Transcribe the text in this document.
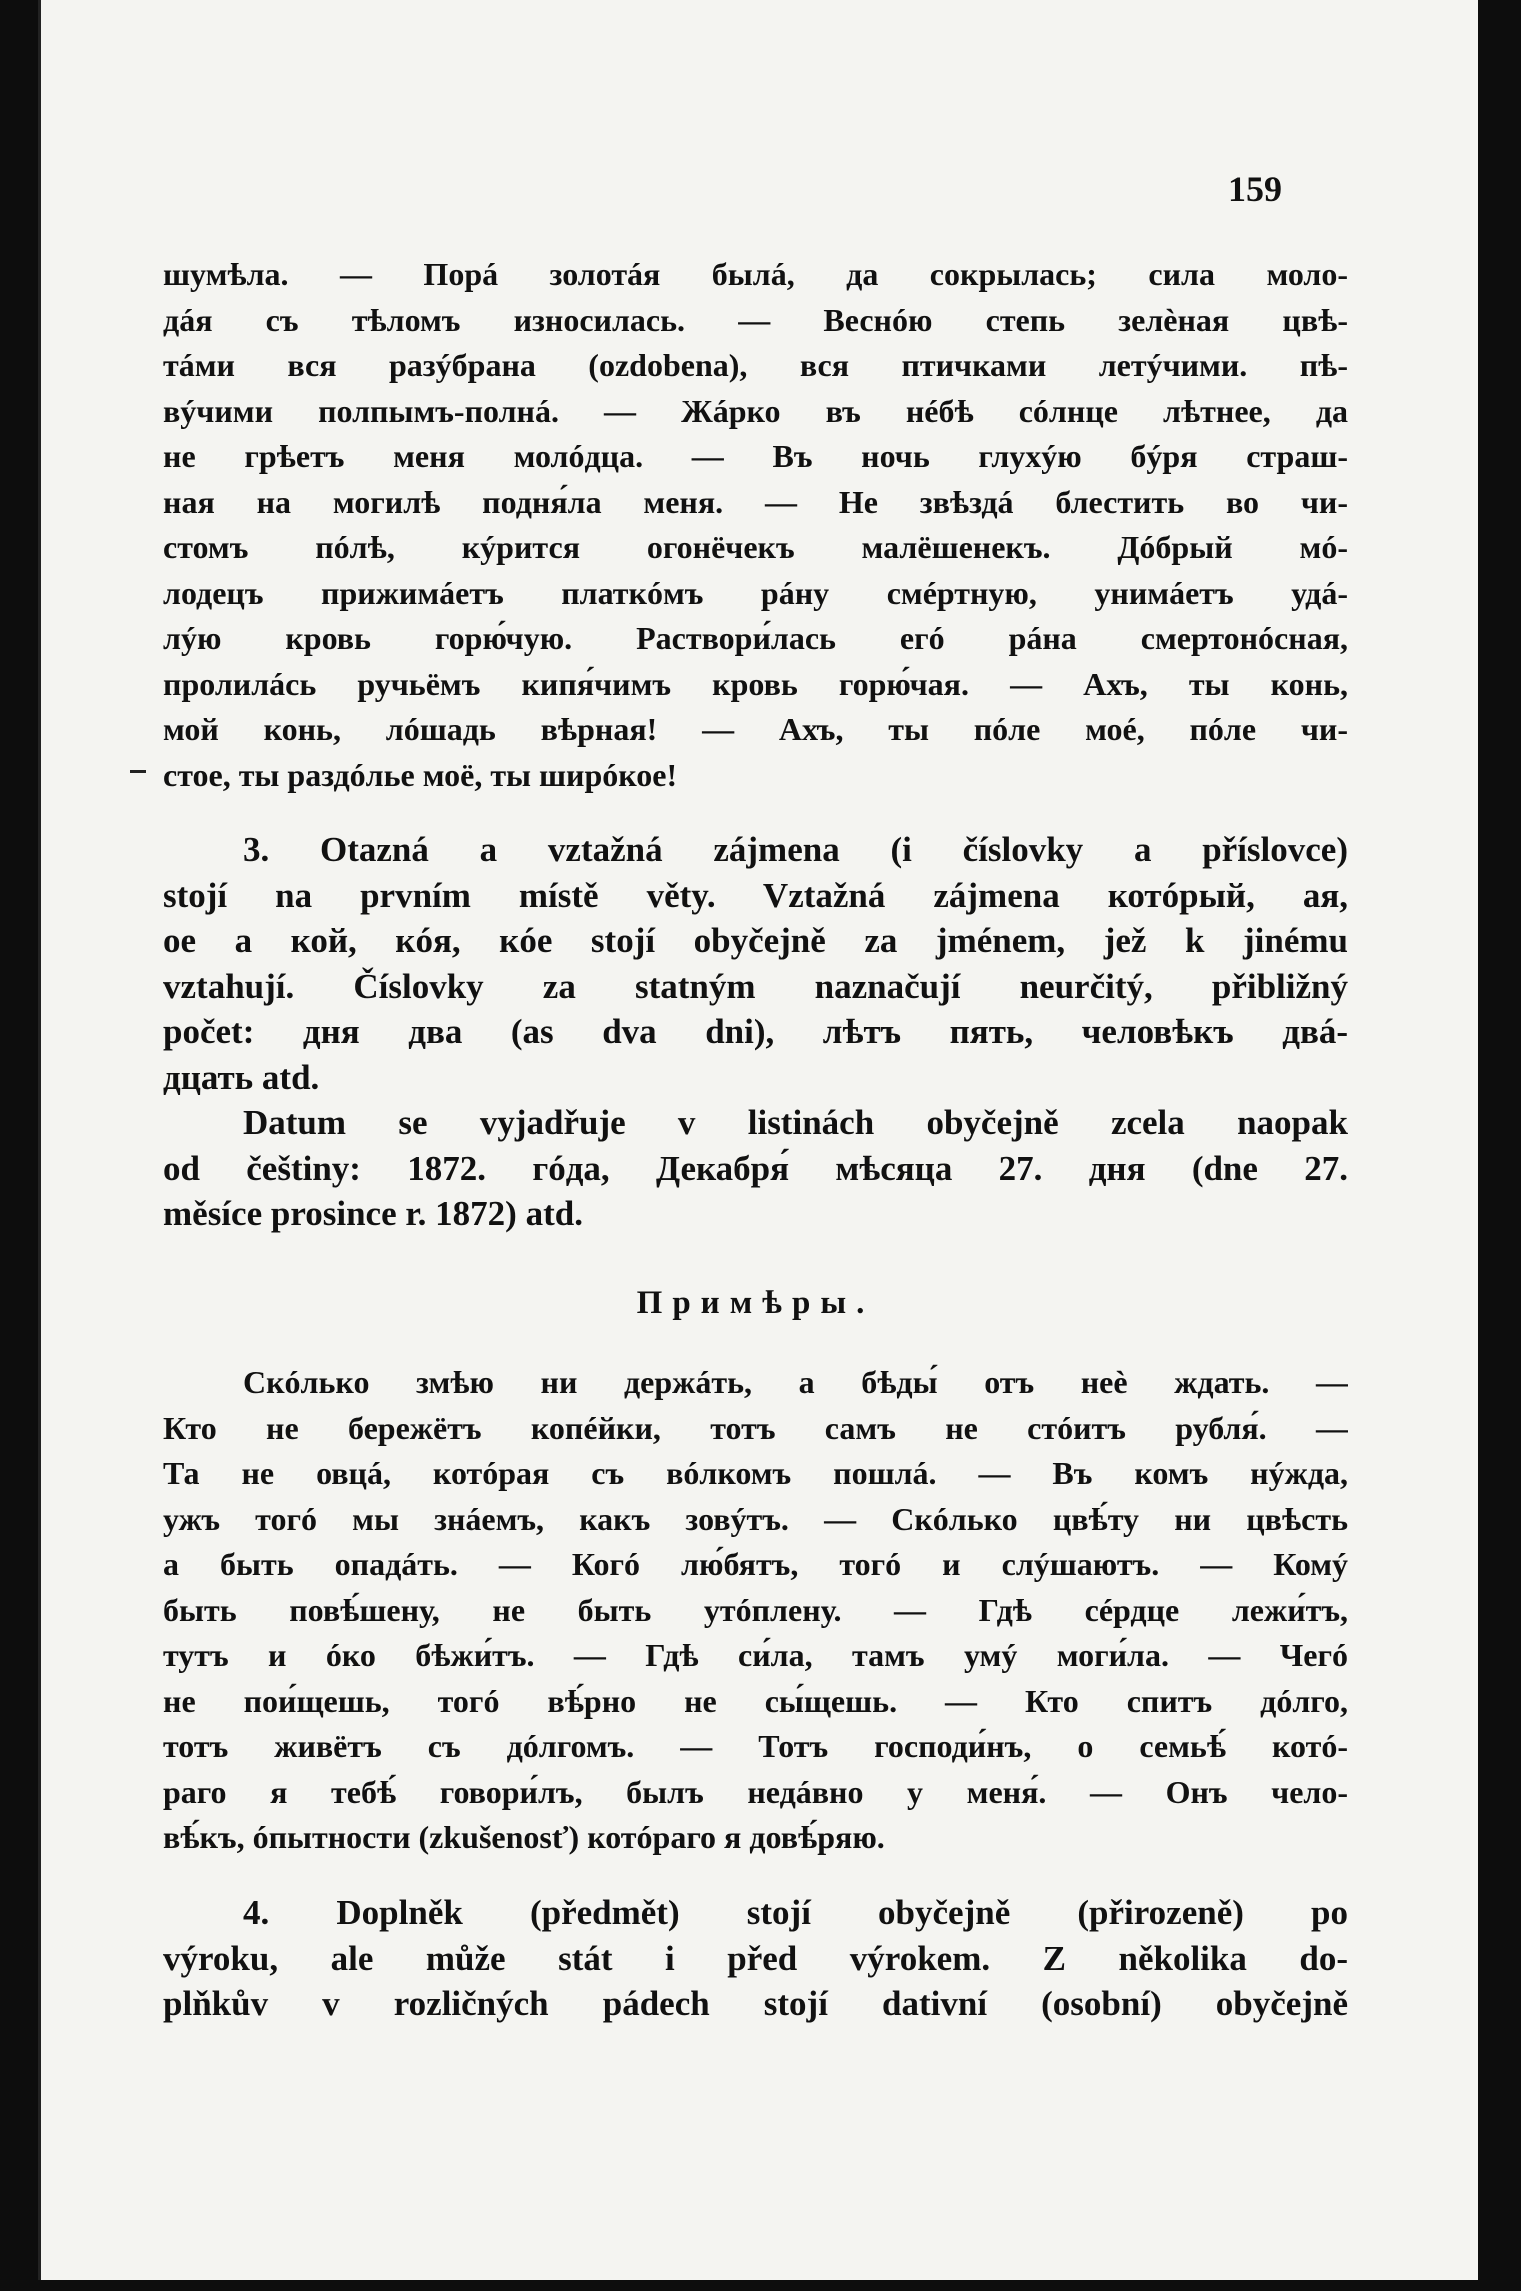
159
шумѣла. — Порá золотáя былá, да сокрылась; сила моло-
дáя съ тѣломъ износилась. — Веснóю степь зелѐная цвѣ-
тáми вся разýбрана (ozdobena), вся птичками летýчими. пѣ-
вýчими полпымъ-полнá. — Жáрко въ нéбѣ сóлнце лѣтнее, да
не грѣетъ меня молóдца. — Въ ночь глухýю бýря страш-
ная на могилѣ подня́ла меня. — Не звѣздá блестить во чи-
стомъ пóлѣ, кýрится огонёчекъ малёшенекъ. Дóбрый мó-
лодецъ прижимáетъ платкóмъ рáну смéртную, унимáетъ удá-
лýю кровь горю́чую. Раствори́лась егó рáна смертонóсная,
пролилáсь ручьёмъ кипя́чимъ кровь горю́чая. — Ахъ, ты конь,
мой конь, лóшадь вѣрная! — Ахъ, ты пóле моé, пóле чи-
стое, ты раздóлье моё, ты ширóкое!
3. Otazná a vztažná zájmena (i číslovky a příslovce)
stojí na prvním místě věty. Vztažná zájmena котóрый, ая,
ое a кой, кóя, кóе stojí obyčejně za jménem, jež k jinému
vztahují. Číslovky za statným naznačují neurčitý, přibližný
počet: дня два (as dva dni), лѣтъ пять, человѣкъ двá-
дцать atd.
Datum se vyjadřuje v listinách obyčejně zcela naopak
od češtiny: 1872. гóда, Декабря́ мѣсяца 27. дня (dne 27.
měsíce prosince r. 1872) atd.
Примѣры.
Скóлько змѣю ни держáть, а бѣды́ отъ неѐ ждать. —
Кто не бережётъ копéйки, тотъ самъ не стóитъ рубля́. —
Та не овцá, котóрая съ вóлкомъ пошлá. — Въ комъ нýжда,
ужъ тогó мы знáемъ, какъ зовýтъ. — Скóлько цвѣ́ту ни цвѣсть
а быть опадáть. — Когó лю́бятъ, тогó и слýшаютъ. — Комý
быть повѣ́шену, не быть утóплену. — Гдѣ сéрдце лежи́тъ,
тутъ и óко бѣжи́тъ. — Гдѣ си́ла, тамъ умý моги́ла. — Чегó
не пои́щешь, тогó вѣ́рно не сы́щешь. — Кто спитъ дóлго,
тотъ живётъ съ дóлгомъ. — Тотъ господи́нъ, о семьѣ́ котó-
раго я тебѣ́ говори́лъ, былъ недáвно у меня́. — Онъ чело-
вѣ́къ, óпытности (zkušenosť) котóраго я довѣ́ряю.
4. Doplněk (předmět) stojí obyčejně (přirozeně) po
výroku, ale může stát i před výrokem. Z několika do-
plňkův v rozličných pádech stojí dativní (osobní) obyčejně
